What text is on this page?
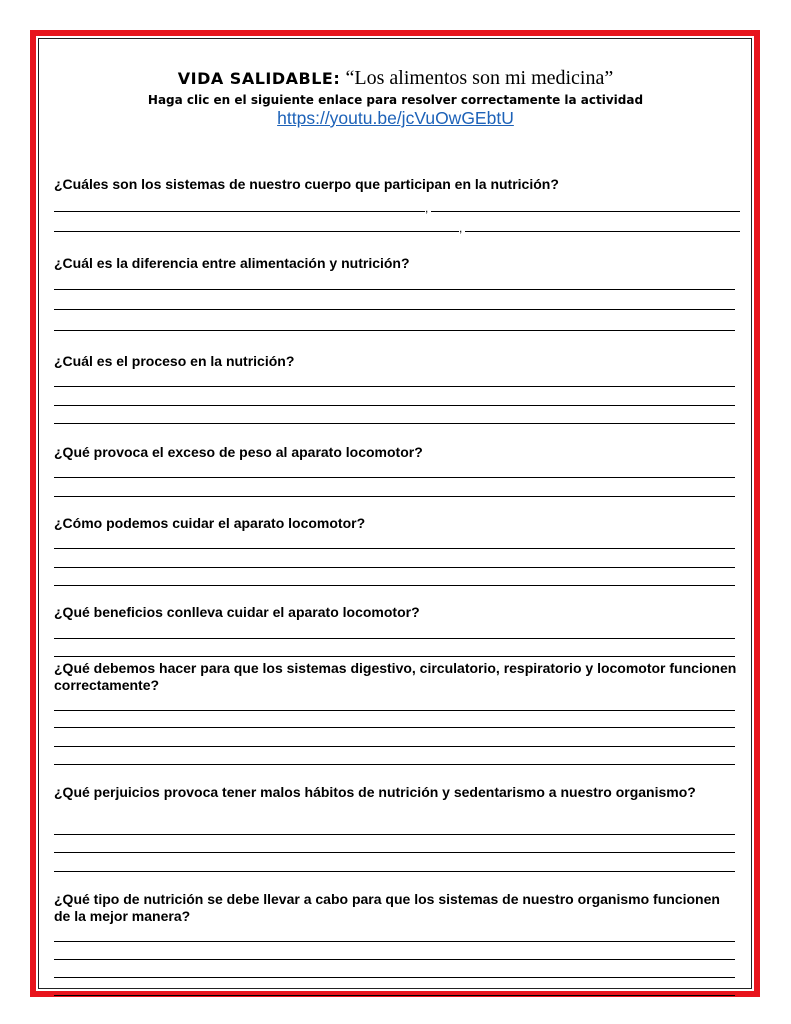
VIDA SALIDABLE: “Los alimentos son mi medicina”
Haga clic en el siguiente enlace para resolver correctamente la actividad
https://youtu.be/jcVuOwGEbtU
¿Cuáles son los sistemas de nuestro cuerpo que participan en la nutrición?
,
,
¿Cuál es la diferencia entre alimentación y nutrición?
¿Cuál es el proceso en la nutrición?
¿Qué provoca el exceso de peso al aparato locomotor?
¿Cómo podemos cuidar el aparato locomotor?
¿Qué beneficios conlleva cuidar el aparato locomotor?
¿Qué debemos hacer para que los sistemas digestivo, circulatorio, respiratorio y locomotor funcionen correctamente?
¿Qué perjuicios provoca tener malos hábitos de nutrición y sedentarismo a nuestro organismo?
¿Qué tipo de nutrición se debe llevar a cabo para que los sistemas de nuestro organismo funcionen de la mejor manera?
